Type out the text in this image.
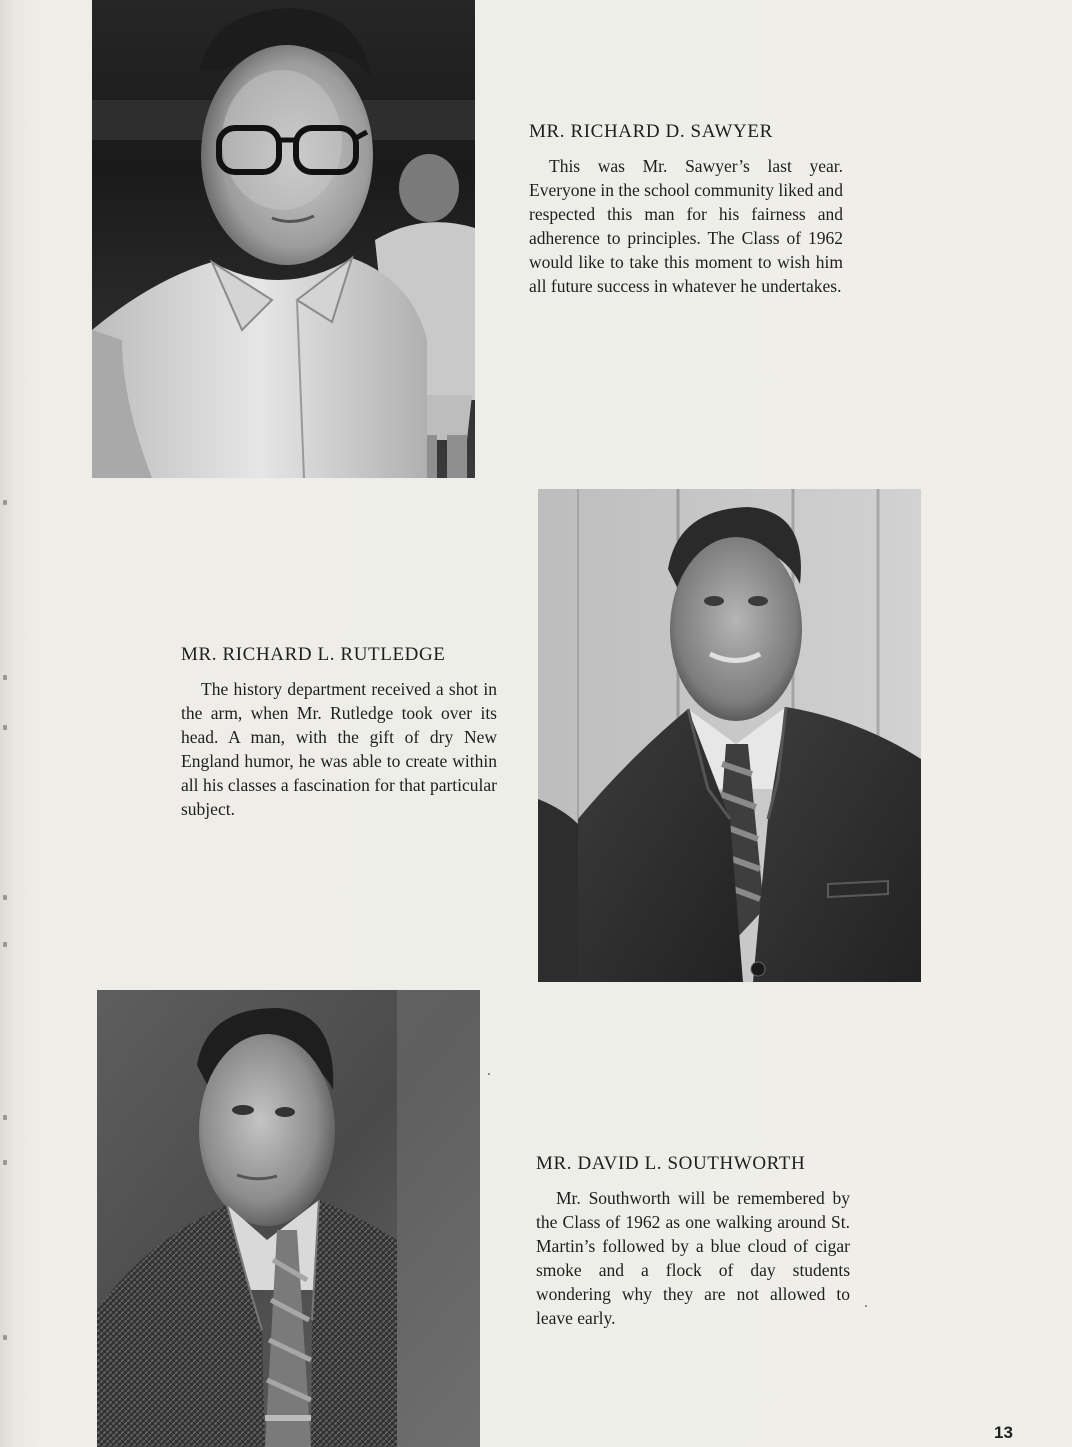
MR. RICHARD D. SAWYER

This was Mr. Sawyer’s last year. Everyone in the school community liked and respected this man for his fairness and adherence to principles. The Class of 1962 would like to take this moment to wish him all future success in whatever he undertakes.

MR. RICHARD L. RUTLEDGE

The history department received a shot in the arm, when Mr. Rutledge took over its head. A man, with the gift of dry New England humor, he was able to create within all his classes a fascination for that particular subject.

MR. DAVID L. SOUTHWORTH

Mr. Southworth will be remembered by the Class of 1962 as one walking around St. Martin’s followed by a blue cloud of cigar smoke and a flock of day students wondering why they are not allowed to leave early.

13
